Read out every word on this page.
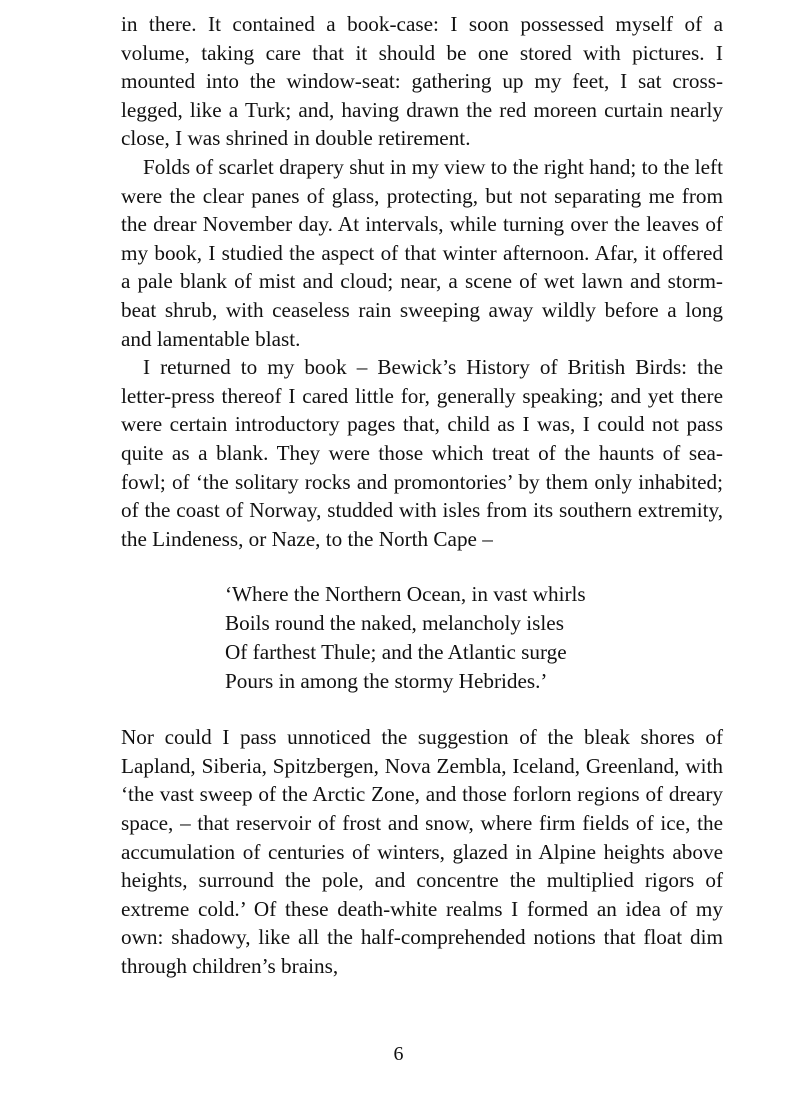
in there. It contained a book-case: I soon possessed myself of a volume, taking care that it should be one stored with pictures. I mounted into the window-seat: gathering up my feet, I sat cross-legged, like a Turk; and, having drawn the red moreen curtain nearly close, I was shrined in double retirement.

Folds of scarlet drapery shut in my view to the right hand; to the left were the clear panes of glass, protecting, but not separating me from the drear November day. At intervals, while turning over the leaves of my book, I studied the aspect of that winter afternoon. Afar, it offered a pale blank of mist and cloud; near, a scene of wet lawn and storm-beat shrub, with ceaseless rain sweeping away wildly before a long and lamentable blast.

I returned to my book – Bewick’s History of British Birds: the letter-press thereof I cared little for, generally speaking; and yet there were certain introductory pages that, child as I was, I could not pass quite as a blank. They were those which treat of the haunts of sea-fowl; of ‘the solitary rocks and promontories’ by them only inhabited; of the coast of Norway, studded with isles from its southern extremity, the Lindeness, or Naze, to the North Cape –

‘Where the Northern Ocean, in vast whirls
Boils round the naked, melancholy isles
Of farthest Thule; and the Atlantic surge
Pours in among the stormy Hebrides.’

Nor could I pass unnoticed the suggestion of the bleak shores of Lapland, Siberia, Spitzbergen, Nova Zembla, Iceland, Greenland, with ‘the vast sweep of the Arctic Zone, and those forlorn regions of dreary space, – that reservoir of frost and snow, where firm fields of ice, the accumulation of centuries of winters, glazed in Alpine heights above heights, surround the pole, and concentre the multiplied rigors of extreme cold.’ Of these death-white realms I formed an idea of my own: shadowy, like all the half-comprehended notions that float dim through children’s brains,

6
